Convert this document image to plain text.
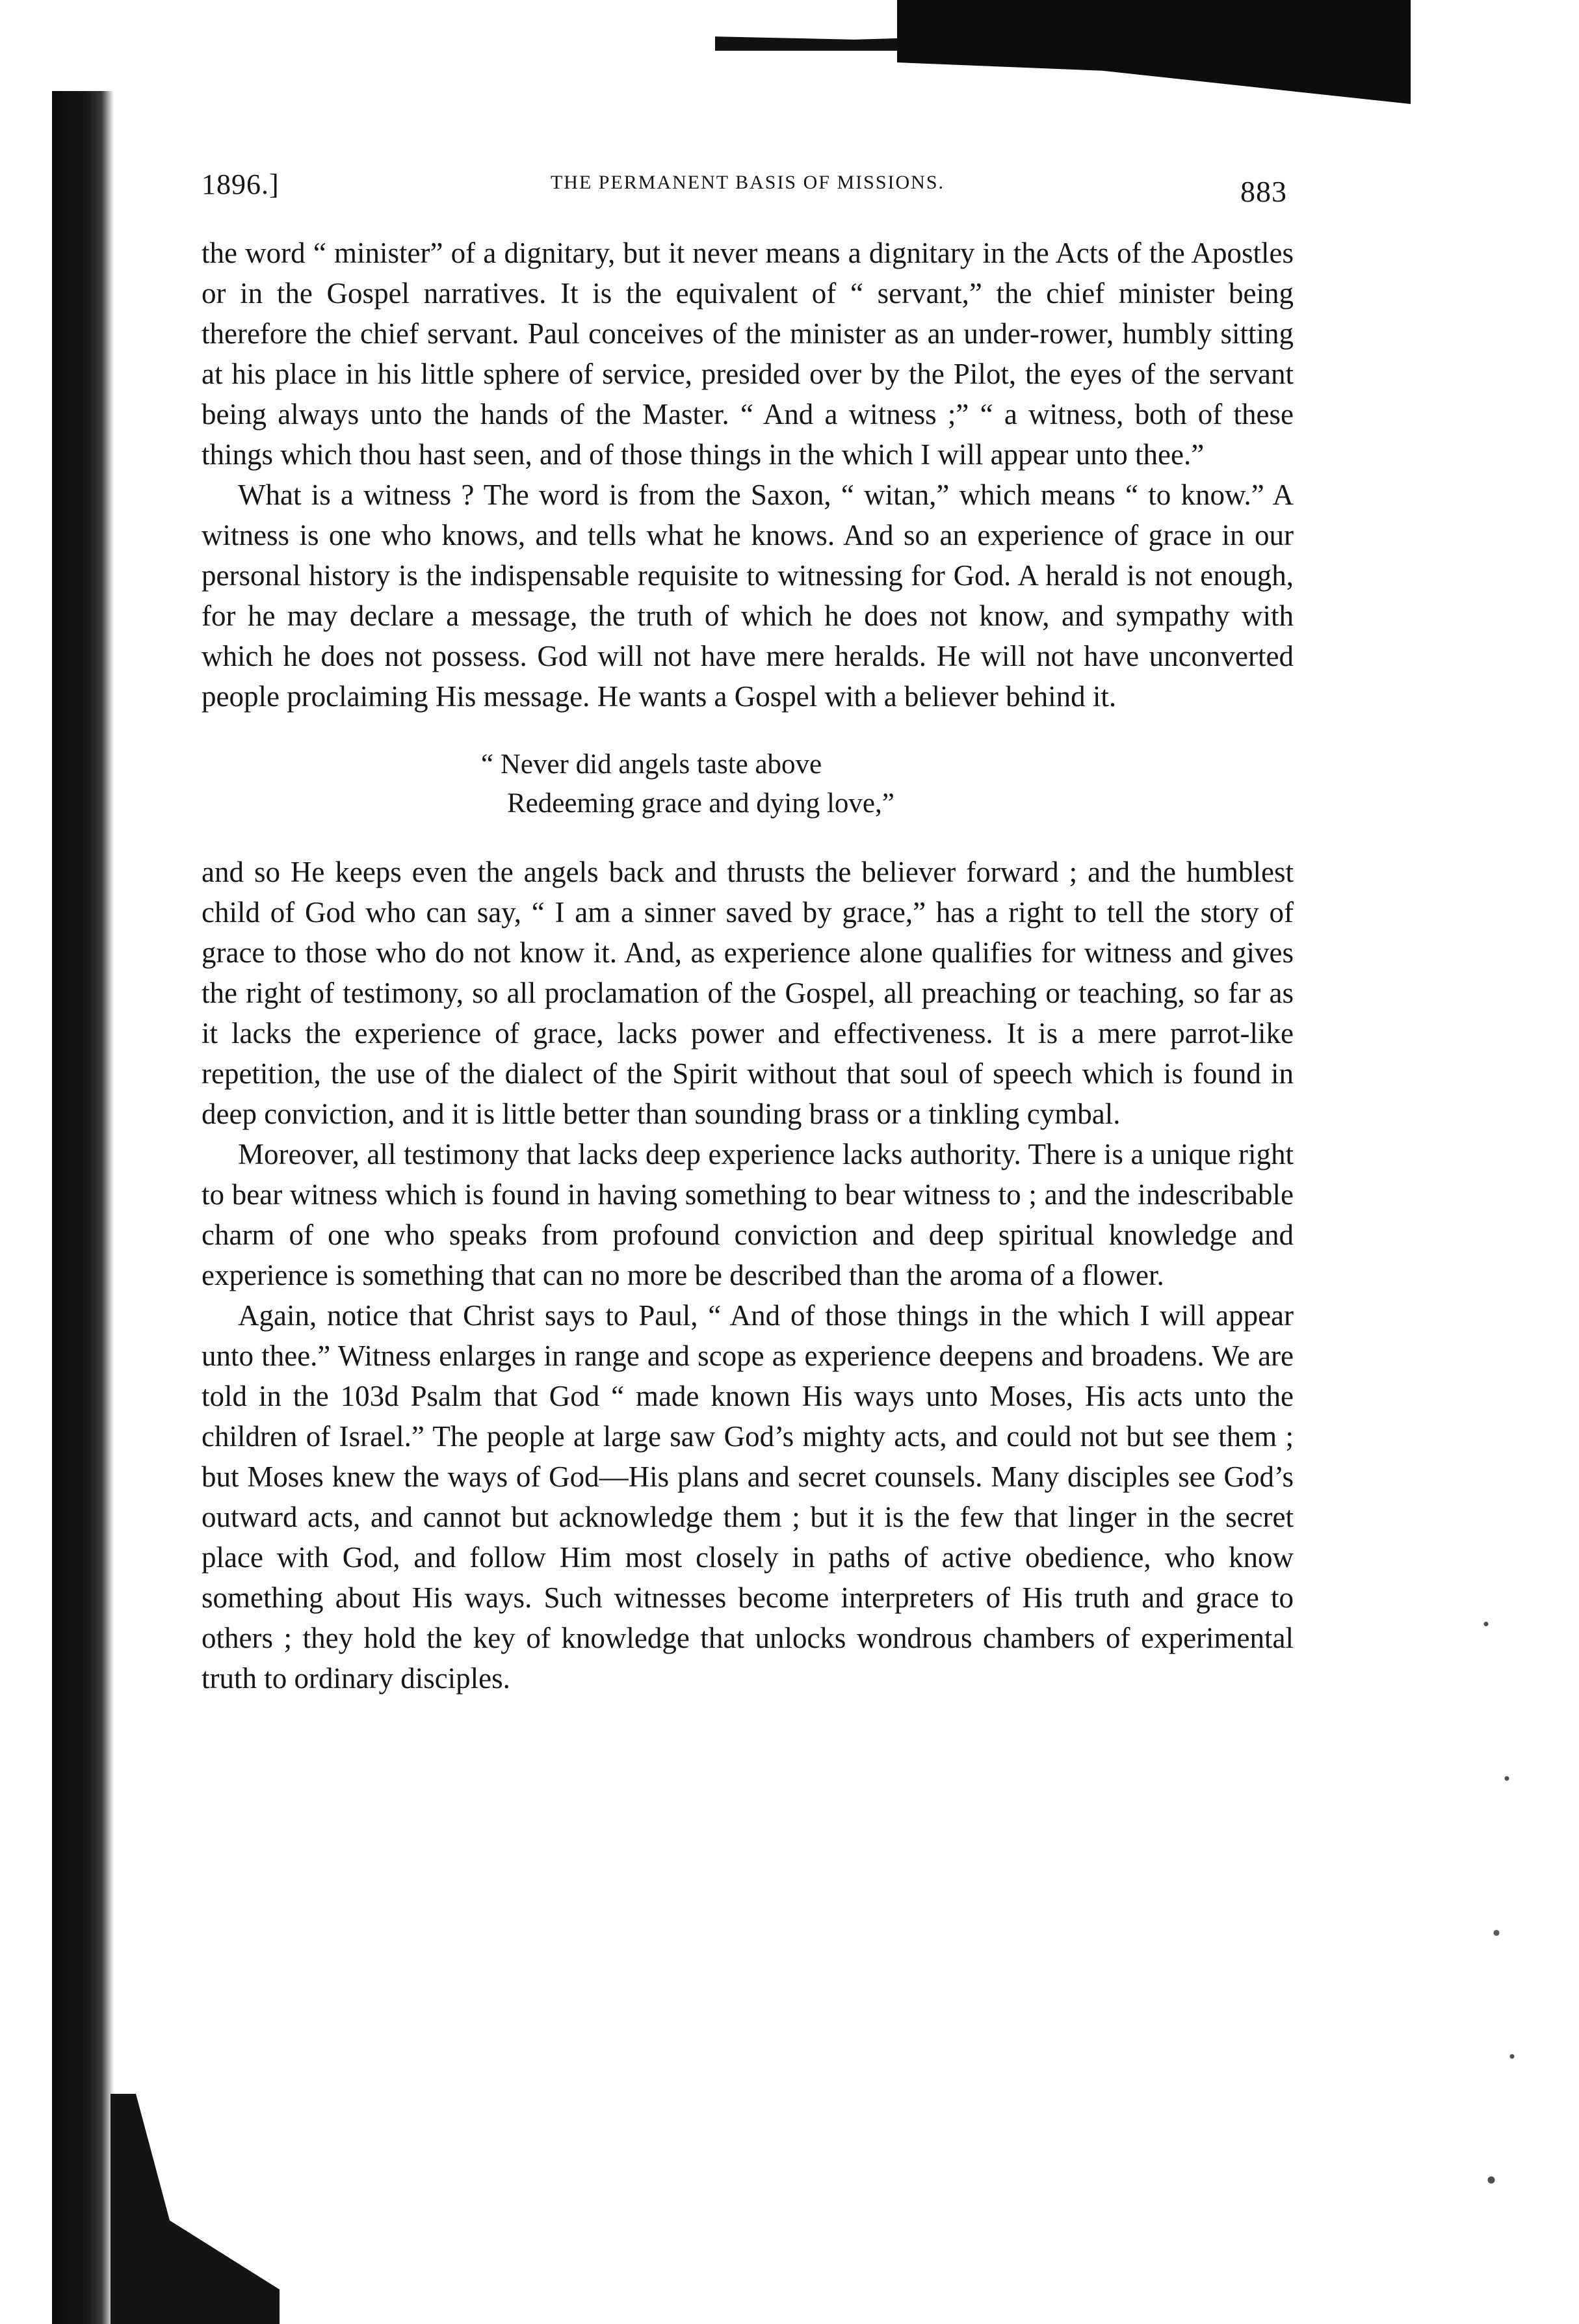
1896.]	THE PERMANENT BASIS OF MISSIONS.	883

the word “ minister” of a dignitary, but it never means a dignitary in the Acts of the Apostles or in the Gospel narratives. It is the equivalent of “ servant,” the chief minister being therefore the chief servant. Paul conceives of the minister as an under-rower, humbly sitting at his place in his little sphere of service, presided over by the Pilot, the eyes of the servant being always unto the hands of the Master. “ And a witness ;” “ a witness, both of these things which thou hast seen, and of those things in the which I will appear unto thee.”

What is a witness ? The word is from the Saxon, “ witan,” which means “ to know.” A witness is one who knows, and tells what he knows. And so an experience of grace in our personal history is the indispensable requisite to witnessing for God. A herald is not enough, for he may declare a message, the truth of which he does not know, and sympathy with which he does not possess. God will not have mere heralds. He will not have unconverted people proclaiming His message. He wants a Gospel with a believer behind it.

“ Never did angels taste above
Redeeming grace and dying love,”

and so He keeps even the angels back and thrusts the believer forward ; and the humblest child of God who can say, “ I am a sinner saved by grace,” has a right to tell the story of grace to those who do not know it. And, as experience alone qualifies for witness and gives the right of testimony, so all proclamation of the Gospel, all preaching or teaching, so far as it lacks the experience of grace, lacks power and effectiveness. It is a mere parrot-like repetition, the use of the dialect of the Spirit without that soul of speech which is found in deep conviction, and it is little better than sounding brass or a tinkling cymbal.

Moreover, all testimony that lacks deep experience lacks authority. There is a unique right to bear witness which is found in having something to bear witness to ; and the indescribable charm of one who speaks from profound conviction and deep spiritual knowledge and experience is something that can no more be described than the aroma of a flower.

Again, notice that Christ says to Paul, “ And of those things in the which I will appear unto thee.” Witness enlarges in range and scope as experience deepens and broadens. We are told in the 103d Psalm that God “ made known His ways unto Moses, His acts unto the children of Israel.” The people at large saw God’s mighty acts, and could not but see them ; but Moses knew the ways of God—His plans and secret counsels. Many disciples see God’s outward acts, and cannot but acknowledge them ; but it is the few that linger in the secret place with God, and follow Him most closely in paths of active obedience, who know something about His ways. Such witnesses become interpreters of His truth and grace to others ; they hold the key of knowledge that unlocks wondrous chambers of experimental truth to ordinary disciples.
